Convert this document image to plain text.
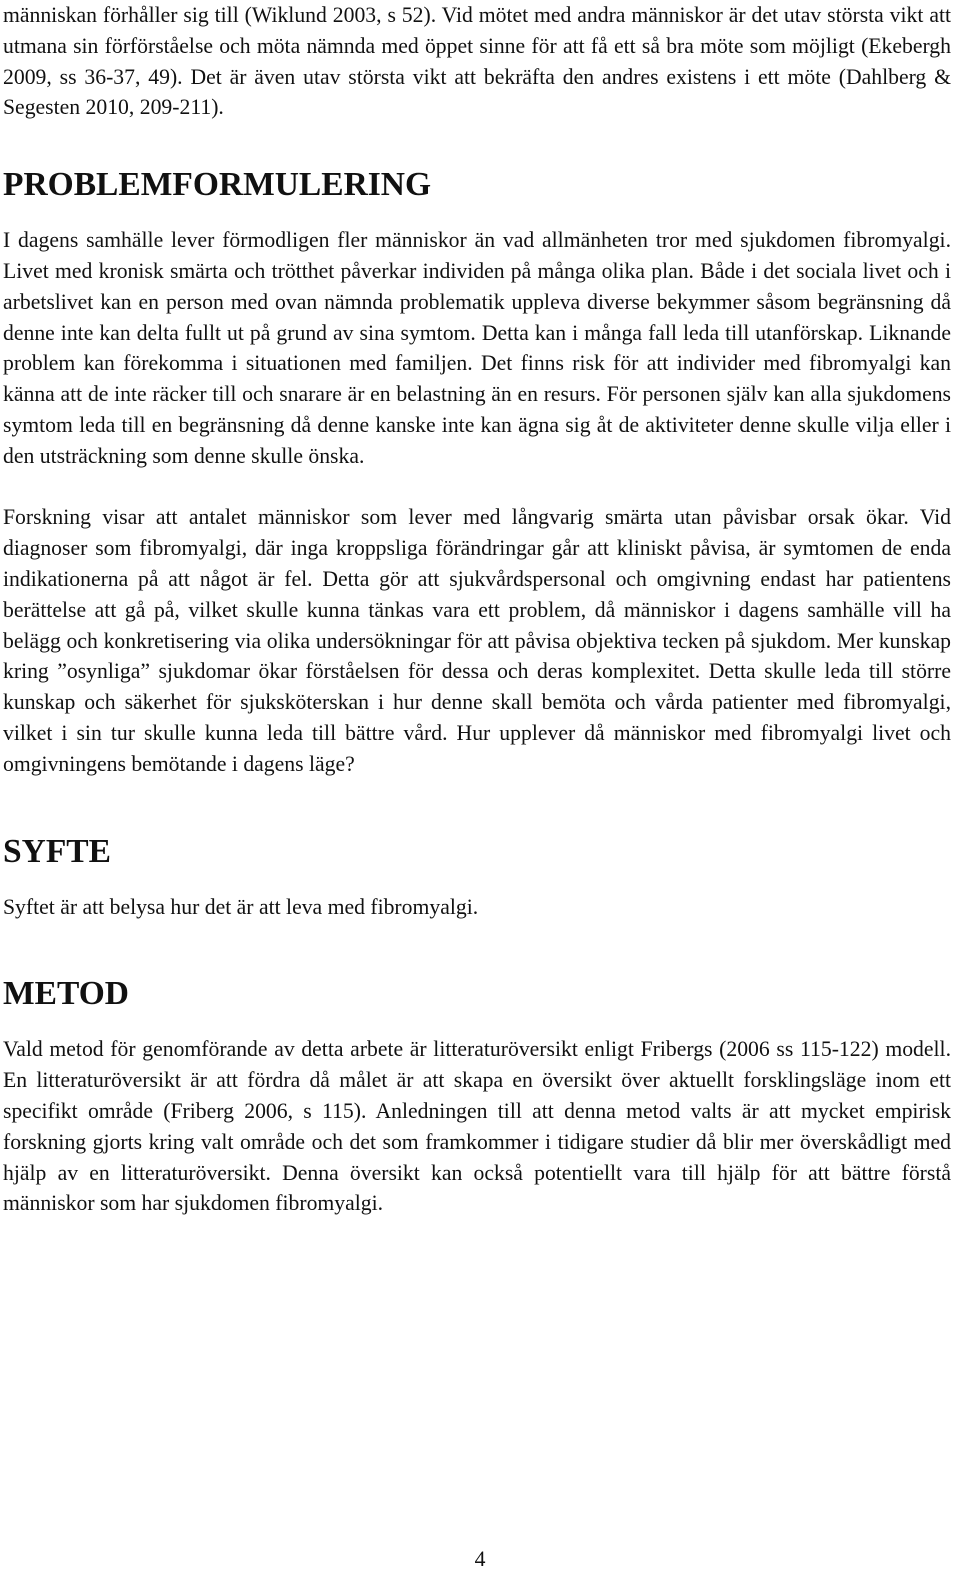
människan förhåller sig till (Wiklund 2003, s 52). Vid mötet med andra människor är det utav största vikt att utmana sin förförståelse och möta nämnda med öppet sinne för att få ett så bra möte som möjligt (Ekebergh 2009, ss 36-37, 49). Det är även utav största vikt att bekräfta den andres existens i ett möte (Dahlberg & Segesten 2010, 209-211).

PROBLEMFORMULERING

I dagens samhälle lever förmodligen fler människor än vad allmänheten tror med sjukdomen fibromyalgi. Livet med kronisk smärta och trötthet påverkar individen på många olika plan. Både i det sociala livet och i arbetslivet kan en person med ovan nämnda problematik uppleva diverse bekymmer såsom begränsning då denne inte kan delta fullt ut på grund av sina symtom. Detta kan i många fall leda till utanförskap. Liknande problem kan förekomma i situationen med familjen. Det finns risk för att individer med fibromyalgi kan känna att de inte räcker till och snarare är en belastning än en resurs. För personen själv kan alla sjukdomens symtom leda till en begränsning då denne kanske inte kan ägna sig åt de aktiviteter denne skulle vilja eller i den utsträckning som denne skulle önska.

Forskning visar att antalet människor som lever med långvarig smärta utan påvisbar orsak ökar. Vid diagnoser som fibromyalgi, där inga kroppsliga förändringar går att kliniskt påvisa, är symtomen de enda indikationerna på att något är fel. Detta gör att sjukvårdspersonal och omgivning endast har patientens berättelse att gå på, vilket skulle kunna tänkas vara ett problem, då människor i dagens samhälle vill ha belägg och konkretisering via olika undersökningar för att påvisa objektiva tecken på sjukdom. Mer kunskap kring ”osynliga” sjukdomar ökar förståelsen för dessa och deras komplexitet. Detta skulle leda till större kunskap och säkerhet för sjuksköterskan i hur denne skall bemöta och vårda patienter med fibromyalgi, vilket i sin tur skulle kunna leda till bättre vård. Hur upplever då människor med fibromyalgi livet och omgivningens bemötande i dagens läge?

SYFTE

Syftet är att belysa hur det är att leva med fibromyalgi.

METOD

Vald metod för genomförande av detta arbete är litteraturöversikt enligt Fribergs (2006 ss 115-122) modell. En litteraturöversikt är att fördra då målet är att skapa en översikt över aktuellt forsklingsläge inom ett specifikt område (Friberg 2006, s 115). Anledningen till att denna metod valts är att mycket empirisk forskning gjorts kring valt område och det som framkommer i tidigare studier då blir mer överskådligt med hjälp av en litteraturöversikt. Denna översikt kan också potentiellt vara till hjälp för att bättre förstå människor som har sjukdomen fibromyalgi.

4
